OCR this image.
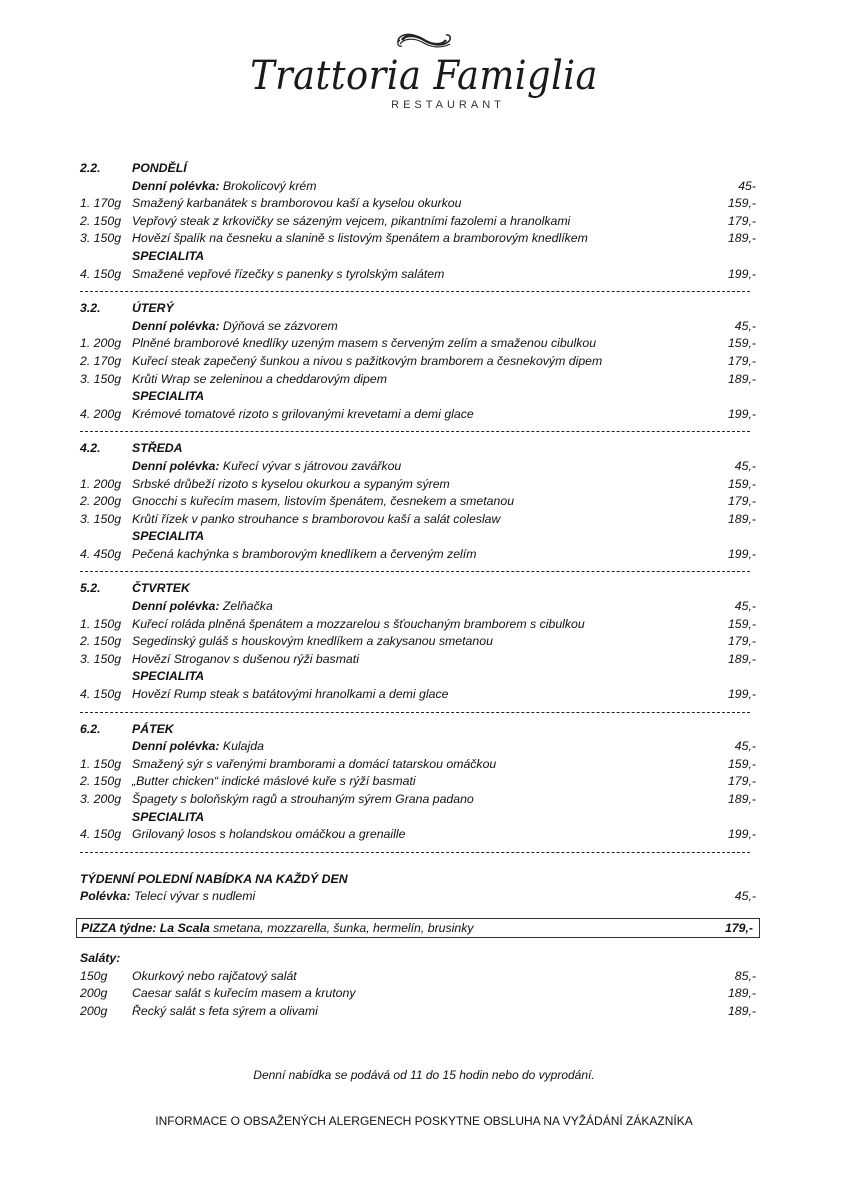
Trattoria Famiglia
RESTAURANT
2.2.	PONDĚLÍ
Denní polévka: Brokolicový krém	45-
1. 170g Smažený karbanátek s bramborovou kaší a kyselou okurkou	159,-
2. 150g Vepřový steak z krkovičky se sázeným vejcem, pikantními fazolemi a hranolkami	179,-
3. 150g Hovězí špalík na česneku a slanině s listovým špenátem a bramborovým knedlíkem	189,-
SPECIALITA
4. 150g Smažené vepřové řízečky s panenky s tyrolským salátem	199,-
3.2.	ÚTERÝ
Denní polévka: Dýňová se zázvorem	45,-
1. 200g Plněné bramborové knedlíky uzeným masem s červeným zelím a smaženou cibulkou	159,-
2. 170g Kuřecí steak zapečený šunkou a nivou s pažitkovým bramborem a česnekovým dipem	179,-
3. 150g Krůti Wrap se zeleninou a cheddarovým dipem	189,-
SPECIALITA
4. 200g Krémové tomatové rizoto s grilovanými krevetami a demi glace	199,-
4.2.	STŘEDA
Denní polévka: Kuřecí vývar s játrovou zavářkou	45,-
1. 200g Srbské drůbeží rizoto s kyselou okurkou a sypaným sýrem	159,-
2. 200g Gnocchi s kuřecím masem, listovím špenátem, česnekem a smetanou	179,-
3. 150g Krůtí řízek v panko strouhance s bramborovou kaší a salát coleslaw	189,-
SPECIALITA
4. 450g Pečená kachýnka s bramborovým knedlíkem a červeným zelím	199,-
5.2.	ČTVRTEK
Denní polévka: Zelňačka	45,-
1. 150g Kuřecí roláda plněná špenátem a mozzarelou s šťouchaným bramborem s cibulkou	159,-
2. 150g Segedinský guláš s houskovým knedlíkem a zakysanou smetanou	179,-
3. 150g Hovězí Stroganov s dušenou rýži basmati	189,-
SPECIALITA
4. 150g Hovězí Rump steak s batátovými hranolkami a demi glace	199,-
6.2.	PÁTEK
Denní polévka: Kulajda	45,-
1. 150g Smažený sýr s vařenými bramborami a domácí tatarskou omáčkou	159,-
2. 150g „Butter chicken“ indické máslové kuře s rýží basmati	179,-
3. 200g Špagety s boloňským ragů a strouhaným sýrem Grana padano	189,-
SPECIALITA
4. 150g Grilovaný losos s holandskou omáčkou a grenaille	199,-
TÝDENNÍ POLEDNÍ NABÍDKA NA KAŽDÝ DEN
Polévka: Telecí vývar s nudlemi	45,-
PIZZA týdne: La Scala smetana, mozzarella, šunka, hermelín, brusinky	179,-
Saláty:
150g Okurkový nebo rajčatový salát	85,-
200g Caesar salát s kuřecím masem a krutony	189,-
200g Řecký salát s feta sýrem a olivami	189,-
Denní nabídka se podává od 11 do 15 hodin nebo do vyprodání.
INFORMACE O OBSAŽENÝCH ALERGENECH POSKYTNE OBSLUHA NA VYŽÁDÁNÍ ZÁKAZNÍKA
